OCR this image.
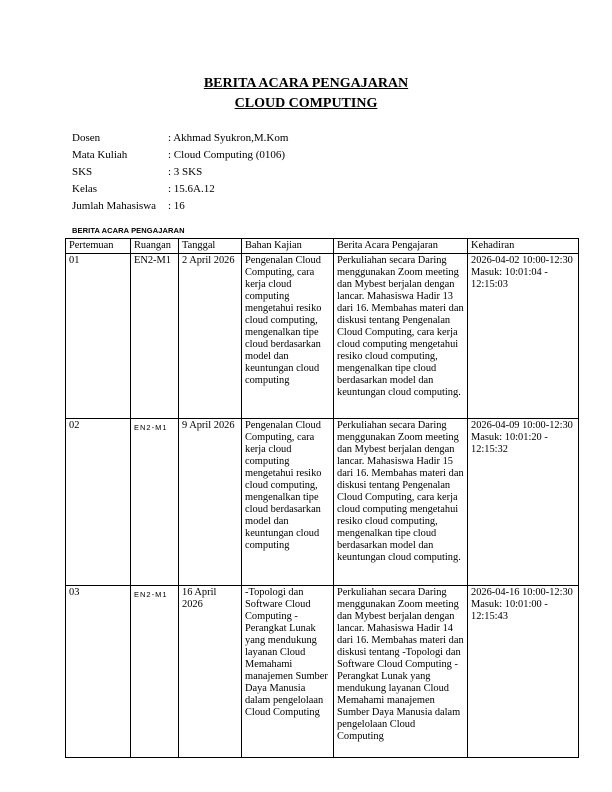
BERITA ACARA PENGAJARAN
CLOUD COMPUTING
Dosen	: Akhmad Syukron,M.Kom
Mata Kuliah	: Cloud Computing (0106)
SKS	: 3 SKS
Kelas	: 15.6A.12
Jumlah Mahasiswa	: 16
BERITA ACARA PENGAJARAN
Pertemuan	Ruangan	Tanggal	Bahan Kajian	Berita Acara Pengajaran	Kehadiran
01	EN2-M1	2 April 2026	Pengenalan Cloud Computing, cara kerja cloud computing mengetahui resiko cloud computing, mengenalkan tipe cloud berdasarkan model dan keuntungan cloud computing	Perkuliahan secara Daring menggunakan Zoom meeting dan Mybest berjalan dengan lancar. Mahasiswa Hadir 13 dari 16. Membahas materi dan diskusi tentang Pengenalan Cloud Computing, cara kerja cloud computing mengetahui resiko cloud computing, mengenalkan tipe cloud berdasarkan model dan keuntungan cloud computing.	2026-04-02 10:00-12:30 Masuk: 10:01:04 - 12:15:03
02	EN2-M1	9 April 2026	Pengenalan Cloud Computing, cara kerja cloud computing mengetahui resiko cloud computing, mengenalkan tipe cloud berdasarkan model dan keuntungan cloud computing	Perkuliahan secara Daring menggunakan Zoom meeting dan Mybest berjalan dengan lancar. Mahasiswa Hadir 15 dari 16. Membahas materi dan diskusi tentang Pengenalan Cloud Computing, cara kerja cloud computing mengetahui resiko cloud computing, mengenalkan tipe cloud berdasarkan model dan keuntungan cloud computing.	2026-04-09 10:00-12:30 Masuk: 10:01:20 - 12:15:32
03	EN2-M1	16 April 2026	-Topologi dan Software Cloud Computing -Perangkat Lunak yang mendukung layanan Cloud Memahami manajemen Sumber Daya Manusia dalam pengelolaan Cloud Computing	Perkuliahan secara Daring menggunakan Zoom meeting dan Mybest berjalan dengan lancar. Mahasiswa Hadir 14 dari 16. Membahas materi dan diskusi tentang -Topologi dan Software Cloud Computing -Perangkat Lunak yang mendukung layanan Cloud Memahami manajemen Sumber Daya Manusia dalam pengelolaan Cloud Computing	2026-04-16 10:00-12:30 Masuk: 10:01:00 - 12:15:43
